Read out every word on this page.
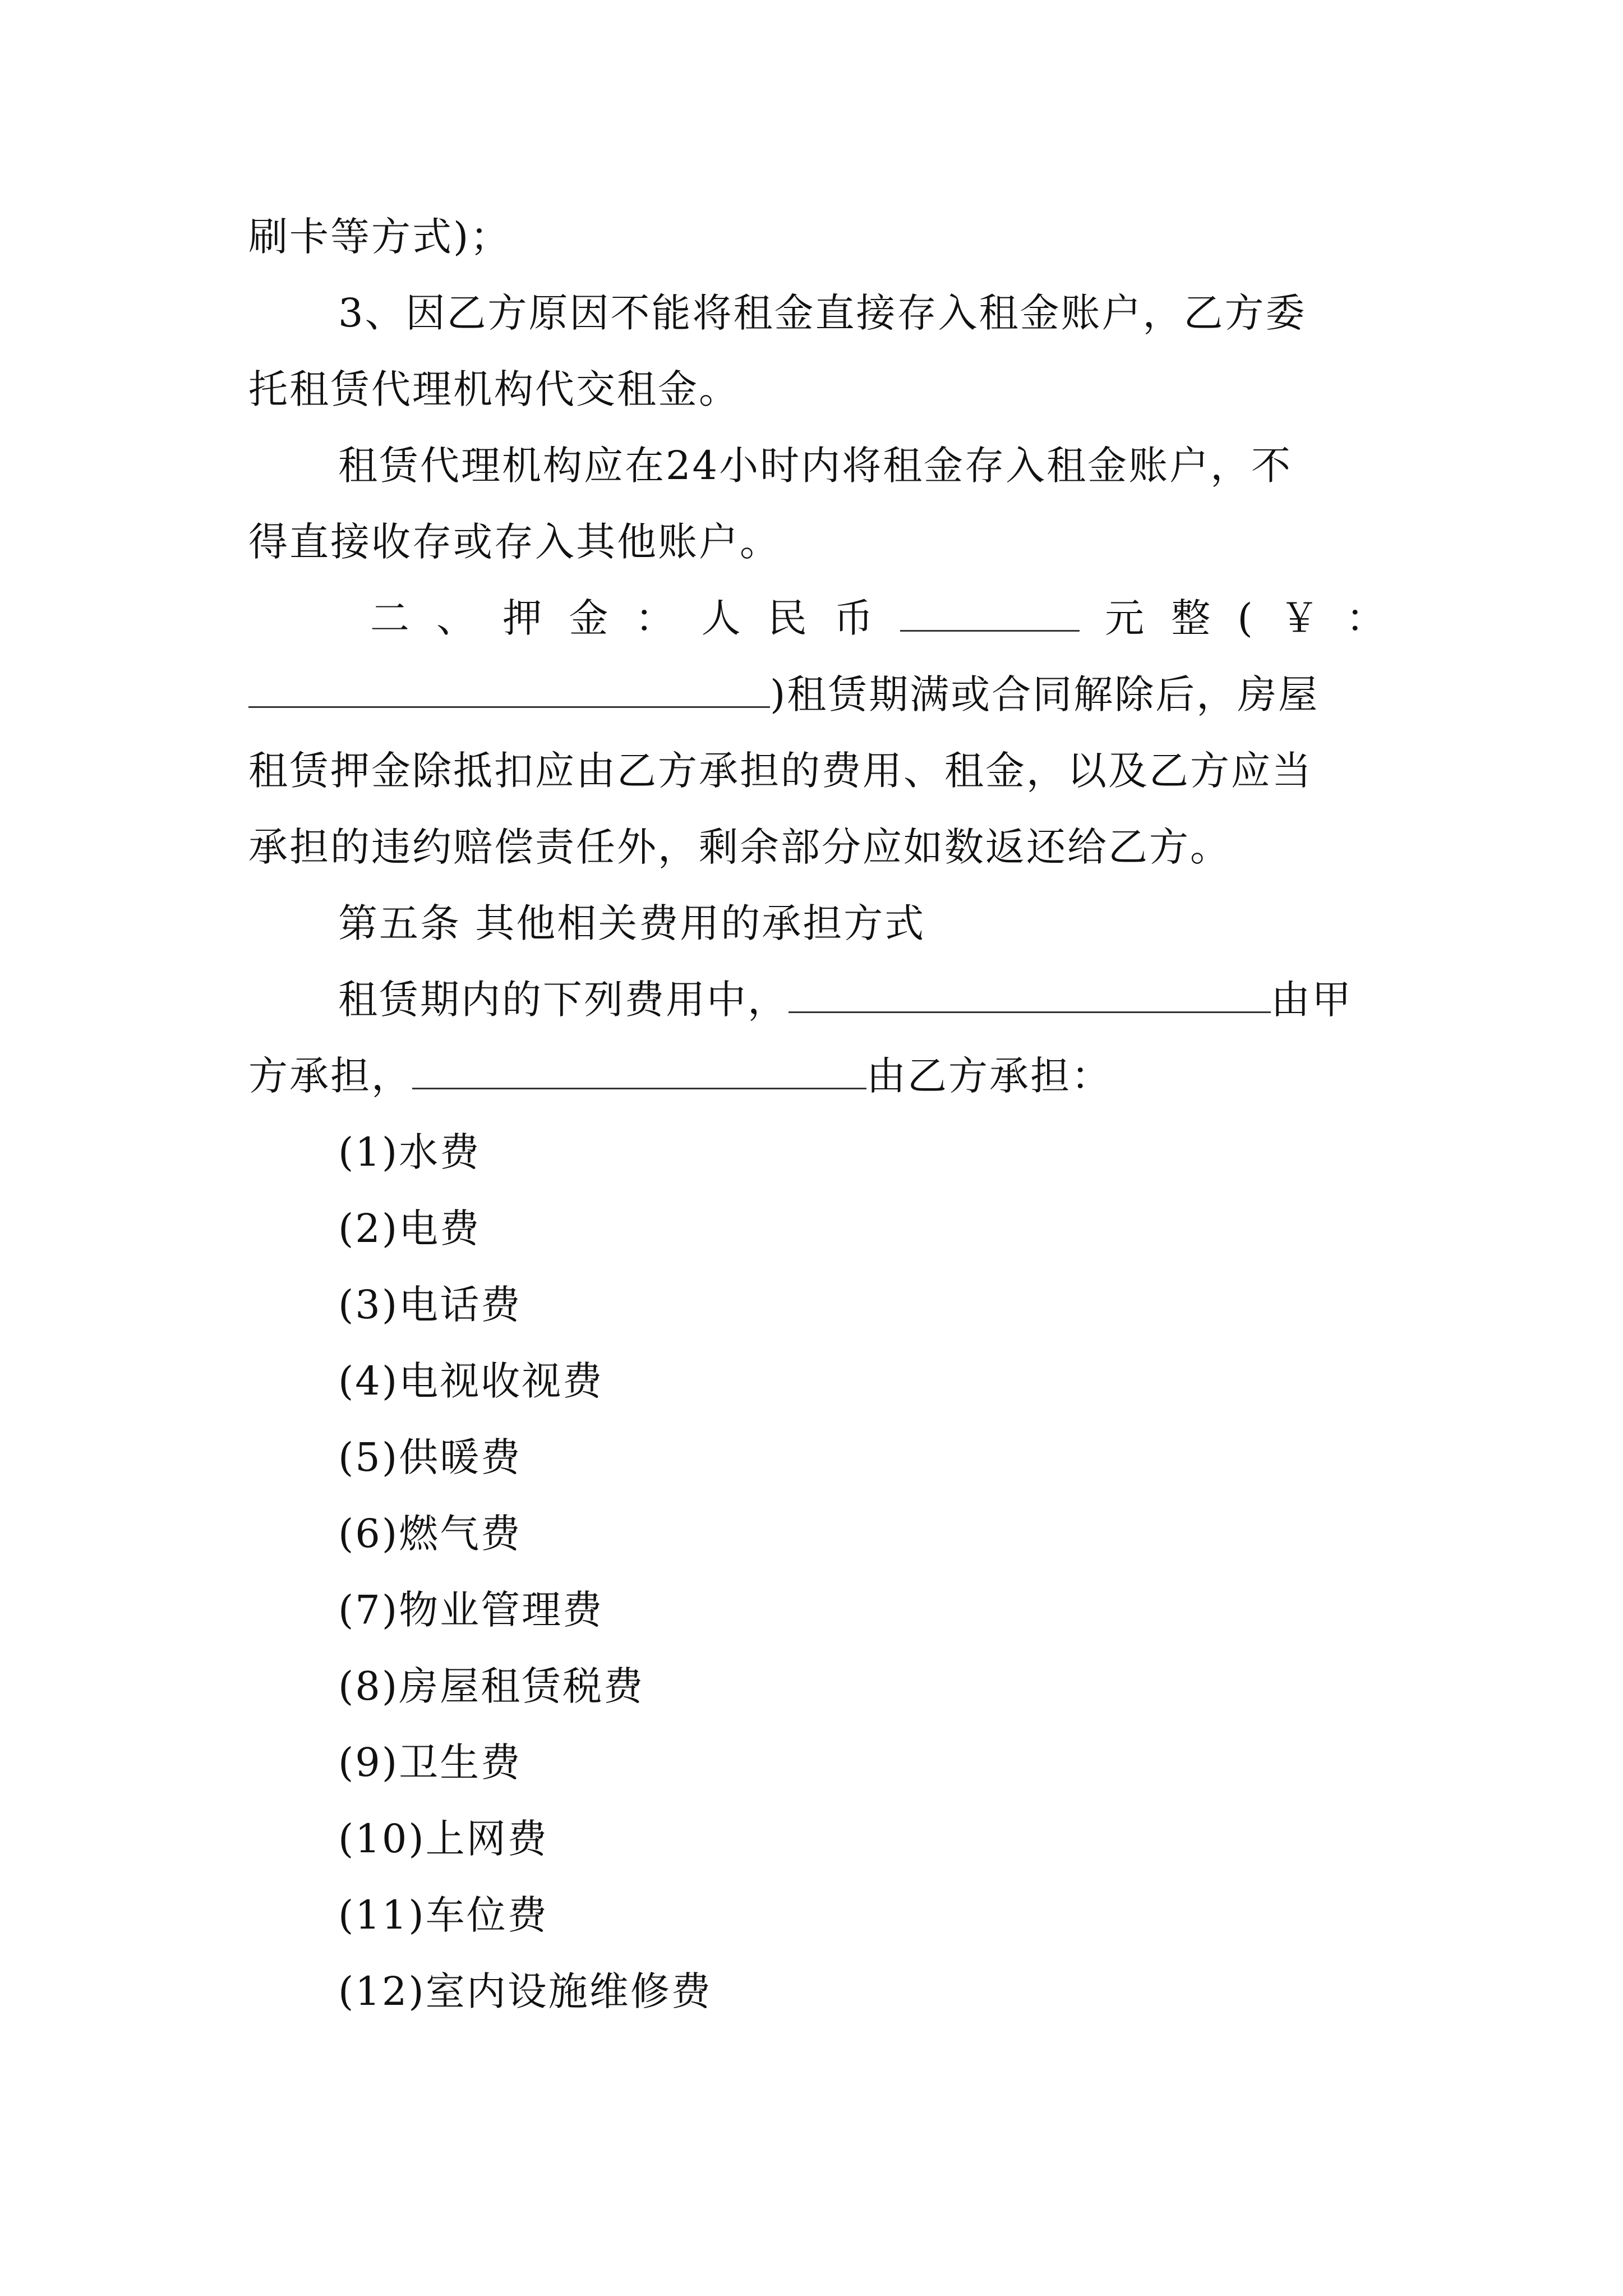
刷卡等方式)；
3、因乙方原因不能将租金直接存入租金账户，乙方委
托租赁代理机构代交租金。
租赁代理机构应在24小时内将租金存入租金账户，不
得直接收存或存入其他账户。
二 、 押 金 ： 人 民 币	元 整 ( ￥ ：
)租赁期满或合同解除后，房屋
租赁押金除抵扣应由乙方承担的费用、租金，以及乙方应当
承担的违约赔偿责任外，剩余部分应如数返还给乙方。
第五条 其他相关费用的承担方式
租赁期内的下列费用中，	由甲
方承担，	由乙方承担：
(1)水费
(2)电费
(3)电话费
(4)电视收视费
(5)供暖费
(6)燃气费
(7)物业管理费
(8)房屋租赁税费
(9)卫生费
(10)上网费
(11)车位费
(12)室内设施维修费
